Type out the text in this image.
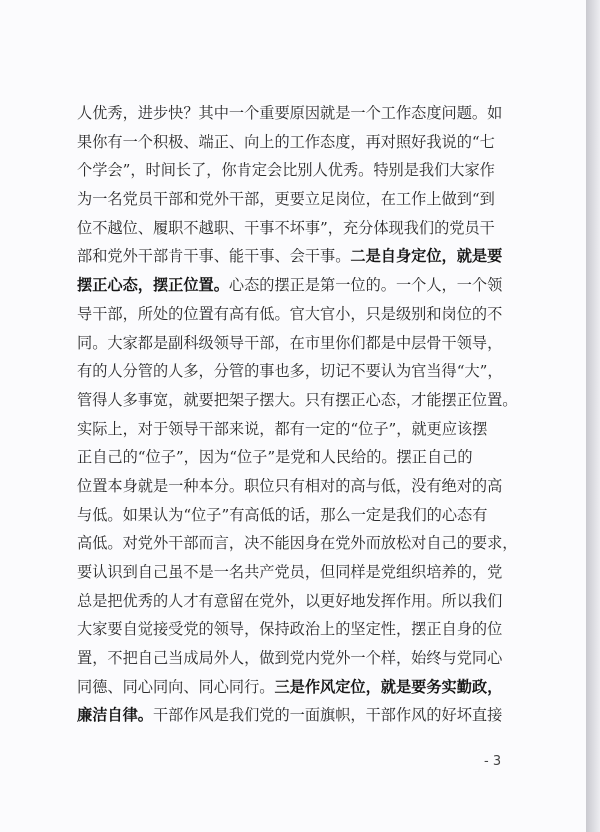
人优秀，进步快？其中一个重要原因就是一个工作态度问题。如
果你有一个积极、端正、向上的工作态度，再对照好我说的“七
个学会”，时间长了，你肯定会比别人优秀。特别是我们大家作
为一名党员干部和党外干部，更要立足岗位，在工作上做到“到
位不越位、履职不越职、干事不坏事”，充分体现我们的党员干
部和党外干部肯干事、能干事、会干事。二是自身定位，就是要
摆正心态，摆正位置。心态的摆正是第一位的。一个人，一个领
导干部，所处的位置有高有低。官大官小，只是级别和岗位的不
同。大家都是副科级领导干部，在市里你们都是中层骨干领导，
有的人分管的人多，分管的事也多，切记不要认为官当得“大”，
管得人多事宽，就要把架子摆大。只有摆正心态，才能摆正位置。
实际上，对于领导干部来说，都有一定的“位子”，就更应该摆
正自己的“位子”，因为“位子”是党和人民给的。摆正自己的
位置本身就是一种本分。职位只有相对的高与低，没有绝对的高
与低。如果认为“位子”有高低的话，那么一定是我们的心态有
高低。对党外干部而言，决不能因身在党外而放松对自己的要求，
要认识到自己虽不是一名共产党员，但同样是党组织培养的，党
总是把优秀的人才有意留在党外，以更好地发挥作用。所以我们
大家要自觉接受党的领导，保持政治上的坚定性，摆正自身的位
置，不把自己当成局外人，做到党内党外一个样，始终与党同心
同德、同心同向、同心同行。三是作风定位，就是要务实勤政，
廉洁自律。干部作风是我们党的一面旗帜，干部作风的好坏直接
- 3
